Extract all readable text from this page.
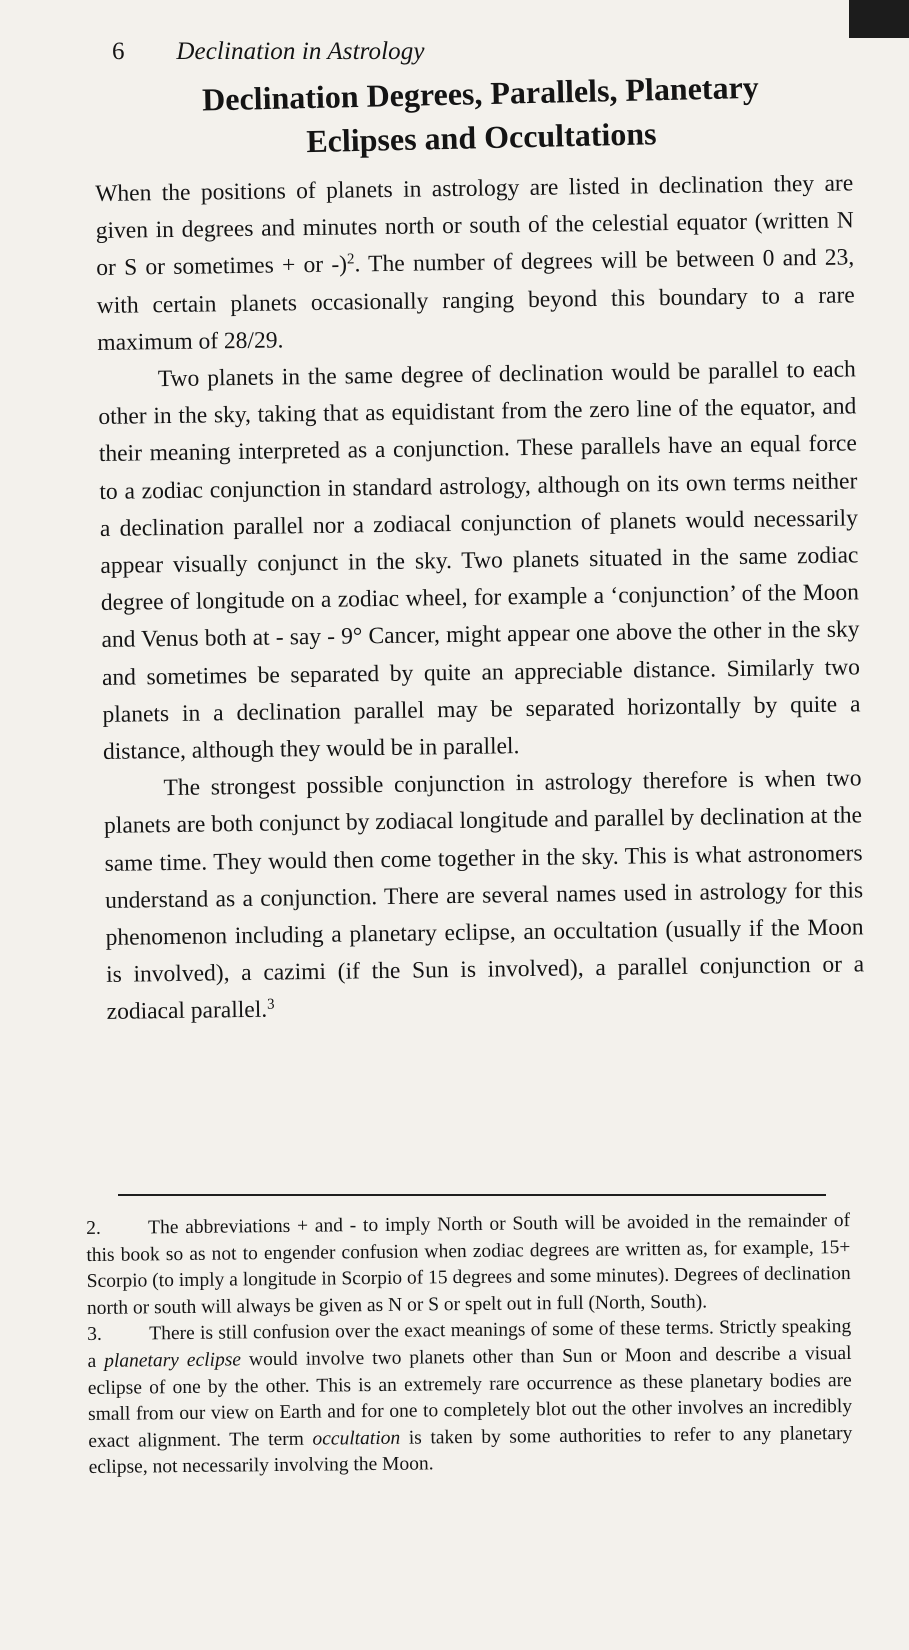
6 Declination in Astrology
Declination Degrees, Parallels, Planetary
Eclipses and Occultations

When the positions of planets in astrology are listed in declination they are given in degrees and minutes north or south of the celestial equator (written N or S or sometimes + or -)$^2$. The number of degrees will be between 0 and 23, with certain planets occasionally ranging beyond this boundary to a rare maximum of 28/29.

Two planets in the same degree of declination would be parallel to each other in the sky, taking that as equidistant from the zero line of the equator, and their meaning interpreted as a conjunction. These parallels have an equal force to a zodiac conjunction in standard astrology, although on its own terms neither a declination parallel nor a zodiacal conjunction of planets would necessarily appear visually conjunct in the sky. Two planets situated in the same zodiac degree of longitude on a zodiac wheel, for example a ‘conjunction’ of the Moon and Venus both at - say - 9° Cancer, might appear one above the other in the sky and sometimes be separated by quite an appreciable distance. Similarly two planets in a declination parallel may be separated horizontally by quite a distance, although they would be in parallel.

The strongest possible conjunction in astrology therefore is when two planets are both conjunct by zodiacal longitude and parallel by declination at the same time. They would then come together in the sky. This is what astronomers understand as a conjunction. There are several names used in astrology for this phenomenon including a planetary eclipse, an occultation (usually if the Moon is involved), a cazimi (if the Sun is involved), a parallel conjunction or a zodiacal parallel.$^3$

2. The abbreviations + and - to imply North or South will be avoided in the remainder of this book so as not to engender confusion when zodiac degrees are written as, for example, 15+ Scorpio (to imply a longitude in Scorpio of 15 degrees and some minutes). Degrees of declination north or south will always be given as N or S or spelt out in full (North, South).

3. There is still confusion over the exact meanings of some of these terms. Strictly speaking a planetary eclipse would involve two planets other than Sun or Moon and describe a visual eclipse of one by the other. This is an extremely rare occurrence as these planetary bodies are small from our view on Earth and for one to completely blot out the other involves an incredibly exact alignment. The term occultation is taken by some authorities to refer to any planetary eclipse, not necessarily involving the Moon.
